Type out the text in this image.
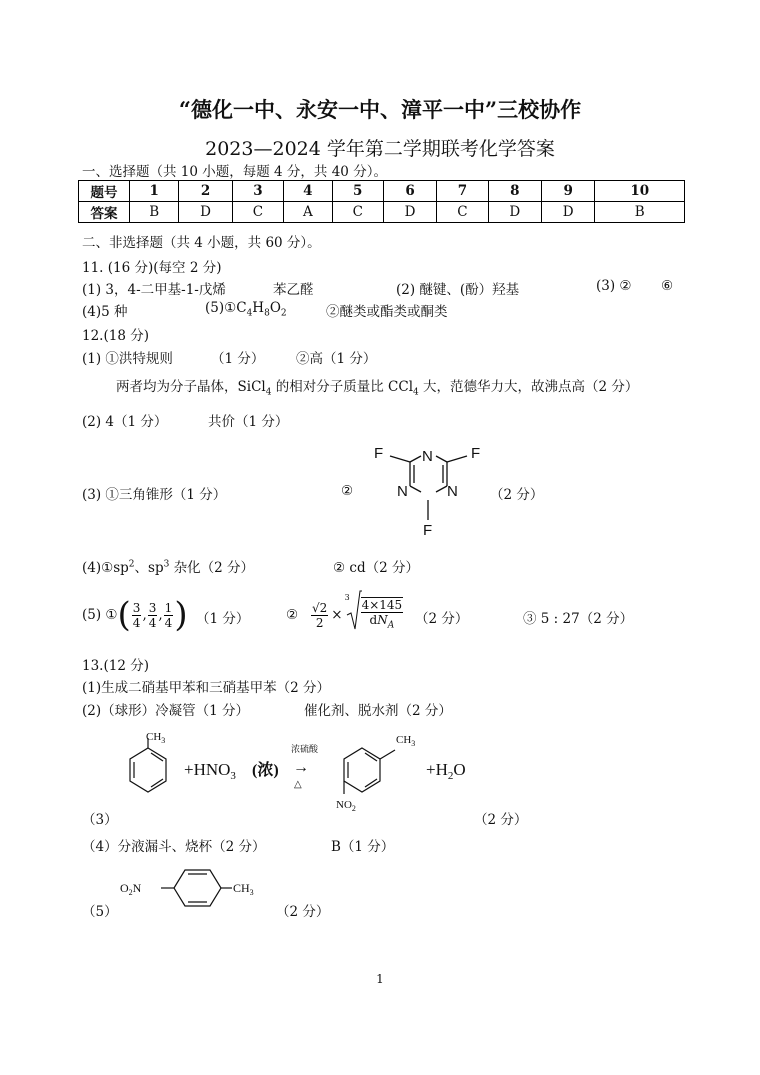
“德化一中、永安一中、漳平一中”三校协作
2023—2024 学年第二学期联考化学答案
一、选择题（共 10 小题，每题 4 分，共 40 分）。
题号	1	2	3	4	5	6	7	8	9	10
答案	B	D	C	A	C	D	C	D	D	B
二、非选择题（共 4 小题，共 60 分）。
11. (16 分)(每空 2 分)
(1) 3，4-二甲基-1-戊烯	苯乙醛	(2) 醚键、(酚）羟基	(3) ② ⑥
(4)5 种	$(5)①C_4H_8O_2$	②醚类或酯类或酮类
12.(18 分)
(1) ①洪特规则	（1 分） ②高（1 分）
两者均为分子晶体，SiCl$_4$ 的相对分子质量比 CCl$_4$ 大，范德华力大，故沸点高（2 分）
(2) 4（1 分）	共价（1 分）
(3) ①三角锥形（1 分）	②
N
N	N
F	F
F
（2 分）
$(4)①sp^2$、$sp^3$ 杂化（2 分）	② cd（2 分）
(5) ① ( $\frac{3}{4}$ , $\frac{3}{4}$ , $\frac{1}{4}$ ) （1 分）	② $\frac{√2}{2}$ ×
$3 \frac{4\times 145}{dN_A} (2$ 分）	③ 5 : 27（2 分）
13.(12 分)
(1)生成二硝基甲苯和三硝基甲苯（2 分）
(2)（球形）冷凝管（1 分）	催化剂、脱水剂（2 分）
$CH_3$
$+HNO_3$ (浓)
浓硫酸
→
△
$CH_3$
$NO_2$
$+H_2O$
（3）	（2 分）
（4）分液漏斗、烧杯（2 分）	B（1 分）
$O_2N$	$CH_3$
（5）	（2 分）
1
